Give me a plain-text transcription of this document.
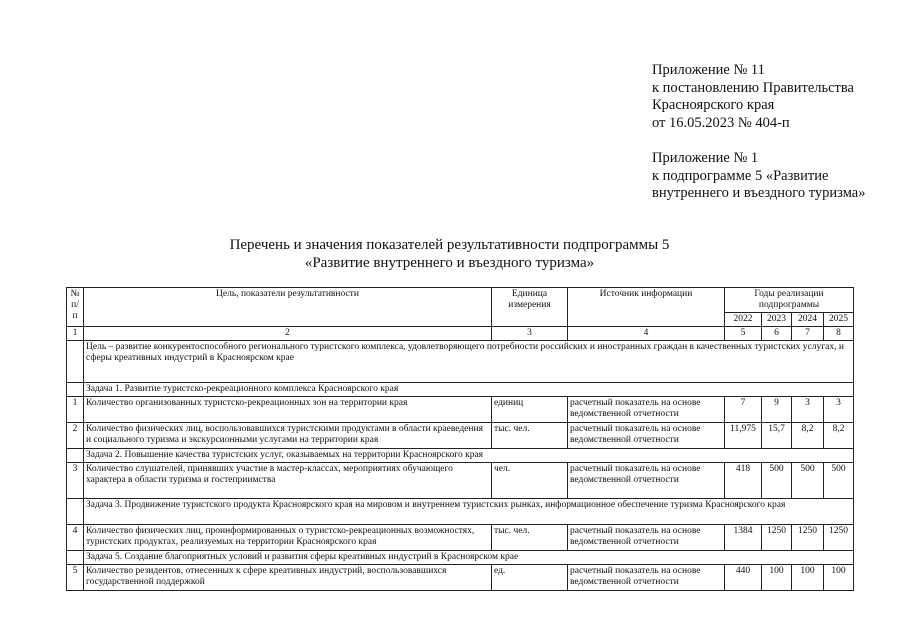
Приложение № 11
к постановлению Правительства
Красноярского края
от 16.05.2023 № 404-п
Приложение № 1
к подпрограмме 5 «Развитие
внутреннего и въездного туризма»
Перечень и значения показателей результативности подпрограммы 5
«Развитие внутреннего и въездного туризма»
№ п/п	Цель, показатели результативности	Единица измерения	Источник информации	Годы реализации подпрограммы			
				2022	2023	2024	2025
1	2	3	4	5	6	7	8
	Цель – развитие конкурентоспособного регионального туристского комплекса, удовлетворяющего потребности российских и иностранных граждан в качественных туристских услугах, и сферы креативных индустрий в Красноярском крае						
	Задача 1. Развитие туристско-рекреационного комплекса Красноярского края						
1	Количество организованных туристско-рекреационных зон на территории края	единиц	расчетный показатель на основе ведомственной отчетности	7	9	3	3
2	Количество физических лиц, воспользовавшихся туристскими продуктами в области краеведения и социального туризма и экскурсионными услугами на территории края	тыс. чел.	расчетный показатель на основе ведомственной отчетности	11,975	15,7	8,2	8,2
	Задача 2. Повышение качества туристских услуг, оказываемых на территории Красноярского края						
3	Количество слушателей, принявших участие в мастер-классах, мероприятиях обучающего характера в области туризма и гостеприимства	чел.	расчетный показатель на основе ведомственной отчетности	418	500	500	500
	Задача 3. Продвижение туристского продукта Красноярского края на мировом и внутреннем туристских рынках, информационное обеспечение туризма Красноярского края						
4	Количество физических лиц, проинформированных о туристско-рекреационных возможностях, туристских продуктах, реализуемых на территории Красноярского края	тыс. чел.	расчетный показатель на основе ведомственной отчетности	1384	1250	1250	1250
	Задача 5. Создание благоприятных условий и развития сферы креативных индустрий в Красноярском крае						
5	Количество резидентов, отнесенных к сфере креативных индустрий, воспользовавшихся государственной поддержкой	ед.	расчетный показатель на основе ведомственной отчетности	440	100	100	100
